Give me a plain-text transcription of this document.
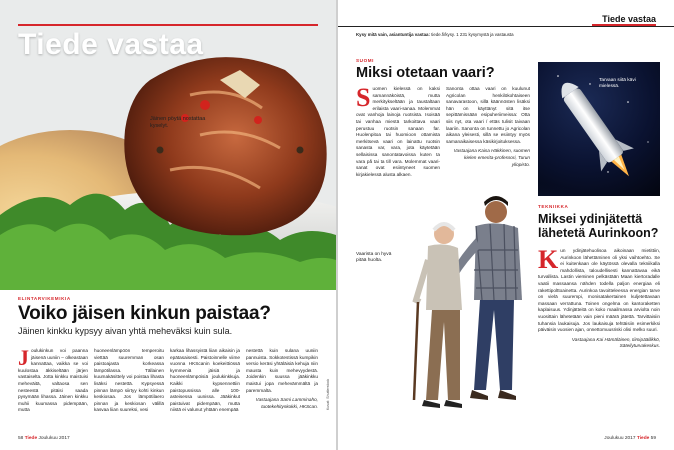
Tiede vastaa
Jäinen pöytä nostattaa kyselyt.
ELINTARVIKEMIKIA
Voiko jäisen kinkun paistaa?
Jäinen kinkku kypsyy aivan yhtä meheväksi kuin sula.
Joulukinkun voi paanna jäisenä uuniin – olkeastaan kannattaa, vaikka se voi kuulostaa äkkiseltään järjen vastaiselta. Jotta kinkku maistuisi meheväitä, valtaosa sen nesteestä pitäisi saada pysymään lihassa. Jäinen kinkku muhii kuumassa pidempään, mutta
huoneenlämpöön temperoitu viettää suuremman osan paistoajasta korkeassa lämpötilassa. Tällainen kuumakäsittely voi poistaa lihasta lisäksi nestettä. Kypsyessä pinnan lämpö siirtyy kohti kinkun keskiosaa. Jos lämpötilaero pinnan ja keskiosan välillä kasvaa liian suureksi, vesi
karkaa lihassyistä liian aikaisin ja epätasaisesti. Paistoinnelle viime vuonna HKScanin koekeittiössä kymmeniä jäisiä ja huoneenlämpöisiä joulukinkkuja. Kaikki kypsennettiin paistopussissa alle 100-asteisessa uunissa. Jääkinkut paistuivat pidempään, mutta niistä ei valunut yhtään enempää
nestettä kuin sulana uuniin pannuista. Sokkotestissä kumpikin versio keräsi yhtäläisiä kehuja niin mausta kuin mehevyydestä. Joidenkin suussa jääkinkku maistui jopa mehevämmältä ja paremmalta.
Vastaajana Sami Lamminaho, tuotekehityskokki, HKScan. Kuvat: Shutterstock
58 Tiede Joulukuu 2017
Tiede vastaa
Kysy mitä vain, asiantuntija vastaa: tiede.fi/kysy. 1 231 kysymystä ja vastausta
SUOMI
Miksi otetaan vaari?
Suomen kielessä on kaksi samannäköistä, mutta merkitykseltään ja taustaltaan erilaista vaari-sanaa. Molemmat ovat vanhoja lainoja ruotsista. Isoisää tai vanhaa miestä tarkoittava vaari perustuu ruotsin sanaan far. Huolenpitoa tai huomioon ottamista merkitsevä vaari on lainattu ruotsin sanasta var, vara, jota käytetään sellaisissa sanontatavoissa kuten ta vara på tai ta till vara. Molemmat vaari-sanat ovat esiintyneet suomen kirjakielessä alusta alkaen.
Sanonta ottaa vaari on kuulunut Agricolan henkilökohtaiseen sanavarastoon, sillä käännösten lisäksi hän on käyttänyt sitä itse sepittämissään esipuheriimeissa: Otta siis nyt, ota vaari / ettäs tulisit taivaan laariin. Sanonta on tunnettu jo Agricolan aikana yleisesti, sillä se esiintyy myös samanaikaisessa käsikirjoituksessa.
Vastaajana Kaisa Häkkinen, suomen kielen emerita-professori, Turun yliopisto.
Vaarista on hyvä pitää huolta.
Tarvaan siitä kävi mielessä.
TEKNIIKKA
Miksei ydinjätettä lähetetä Aurinkoon?
Kun ydinjätehuolisoa aikoinaan mietittiin, Aurinkoon lähettäminen oli yksi vaihtoehto. Se ei kuitenkaan ole käytössä olevalla tekniikalla mahdollista, taloudellisesti kannattavaa eikä turvallista. Lastin vieminen pelkästään Maan kiertoradalle vaatii massaansa nähden todella paljon energiaa eli rakettipolttoainetta. Aurinkoa tavoitteleessa energian tarve on vielä suurempi, monisatakertainen kuljetettavaan massaan verrattuna. Toinen ongelma on kantoraketten kaplaisuus. Ydinjätteitä on koko maailmassa arviolta noin vuosittain lähetetään vain pieni määrä jätettä. Tarvittaisiin tuhansia laukaisuja. Jos laukaisuja tehtäisiin esimerkiksi päiväisin vuosien ajan, onnettomuusriski olisi melko suuri.
Vastaajana Kai Hämäläinen, tiimipäällikkö, Säteilyturvakeskus.
Joulukuu 2017 Tiede 59
